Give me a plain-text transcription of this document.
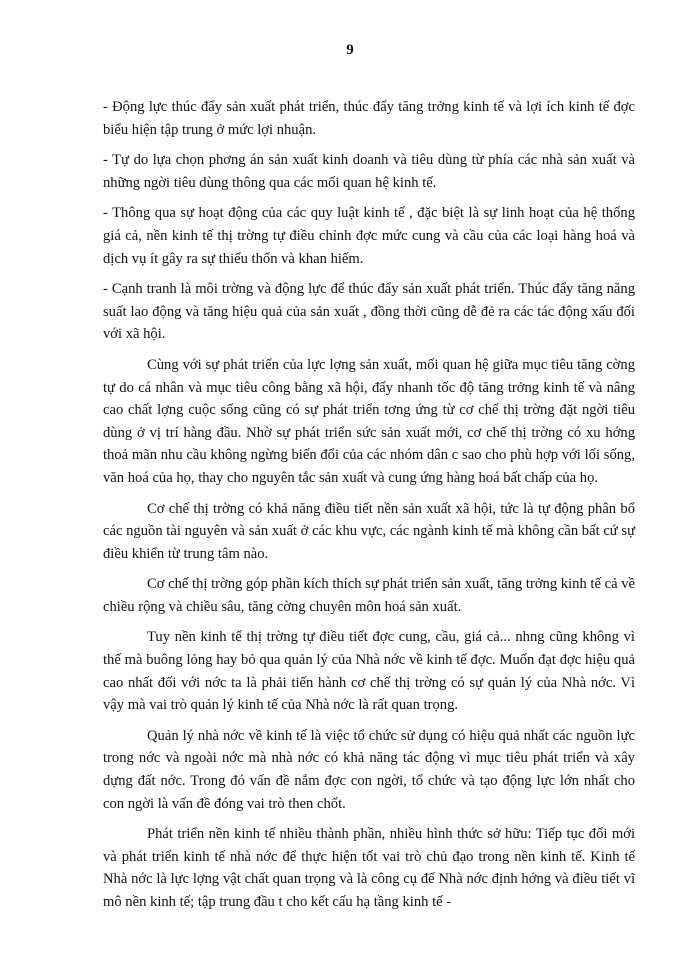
9

- Động lực thúc đẩy sản xuất phát triển, thúc đẩy tăng trởng kinh tế và lợi ích kinh tế đợc biểu hiện tập trung ở mức lợi nhuận.

- Tự do lựa chọn phơng án sản xuất kinh doanh và tiêu dùng từ phía các nhà sản xuất và những ngời tiêu dùng thông qua các mối quan hệ kinh tế.

- Thông qua sự hoạt động của các quy luật kinh tế , đặc biệt là sự linh hoạt của hệ thống giá cả, nền kinh tế thị trờng tự điều chỉnh đợc mức cung và cầu của các loại hàng hoá và dịch vụ ít gây ra sự thiếu thốn và khan hiếm.

- Cạnh tranh là môi trờng và động lực để thúc đẩy sản xuất phát triển. Thúc đẩy tăng năng suất lao động và tăng hiệu quả của sản xuất , đồng thời cũng dễ đẻ ra các tác động xấu đối với xã hội.

Cùng với sự phát triển của lực lợng sản xuất, mối quan hệ giữa mục tiêu tăng cờng tự do cá nhân và mục tiêu công bằng xã hội, đẩy nhanh tốc độ tăng trởng kinh tế và nâng cao chất lợng cuộc sống cũng có sự phát triển tơng ứng từ cơ chế thị trờng đặt ngời tiêu dùng ở vị trí hàng đầu. Nhờ sự phát triển sức sản xuất mới, cơ chế thị trờng có xu hớng thoả mãn nhu cầu không ngừng biến đổi của các nhóm dân c sao cho phù hợp với lối sống, văn hoá của họ, thay cho nguyên tắc sản xuất và cung ứng hàng hoá bất chấp của họ.

Cơ chế thị trờng có khả năng điều tiết nền sản xuất xã hội, tức là tự động phân bổ các nguồn tài nguyên và sản xuất ở các khu vực, các ngành kinh tế mà không cần bất cứ sự điều khiển từ trung tâm nào.

Cơ chế thị trờng góp phần kích thích sự phát triển sản xuất, tăng trởng kinh tế cả về chiều rộng và chiều sâu, tăng cờng chuyên môn hoá sản xuất.

Tuy nền kinh tế thị trờng tự điều tiết đợc cung, cầu, giá cả... nhng cũng không vì thế mà buông lỏng hay bỏ qua quản lý của Nhà nớc về kinh tế đợc. Muốn đạt đợc hiệu quả cao nhất đối với nớc ta là phải tiến hành cơ chế thị trờng có sự quản lý của Nhà nớc. Vì vậy mà vai trò quản lý kinh tế của Nhà nớc là rất quan trọng.

Quản lý nhà nớc về kinh tế là việc tổ chức sử dụng có hiệu quả nhất các nguồn lực trong nớc và ngoài nớc mà nhà nớc có khả năng tác động vì mục tiêu phát triển và xây dựng đất nớc. Trong đó vấn đề nắm đợc con ngời, tổ chức và tạo động lực lớn nhất cho con ngời là vấn đề đóng vai trò then chốt.

Phát triển nền kinh tế nhiều thành phần, nhiều hình thức sở hữu: Tiếp tục đổi mới và phát triển kinh tế nhà nớc để thực hiện tốt vai trò chủ đạo trong nền kinh tế. Kinh tế Nhà nớc là lực lợng vật chất quan trọng và là công cụ để Nhà nớc định hớng và điều tiết vĩ mô nền kinh tế; tập trung đầu t cho kết cấu hạ tầng kinh tế -
